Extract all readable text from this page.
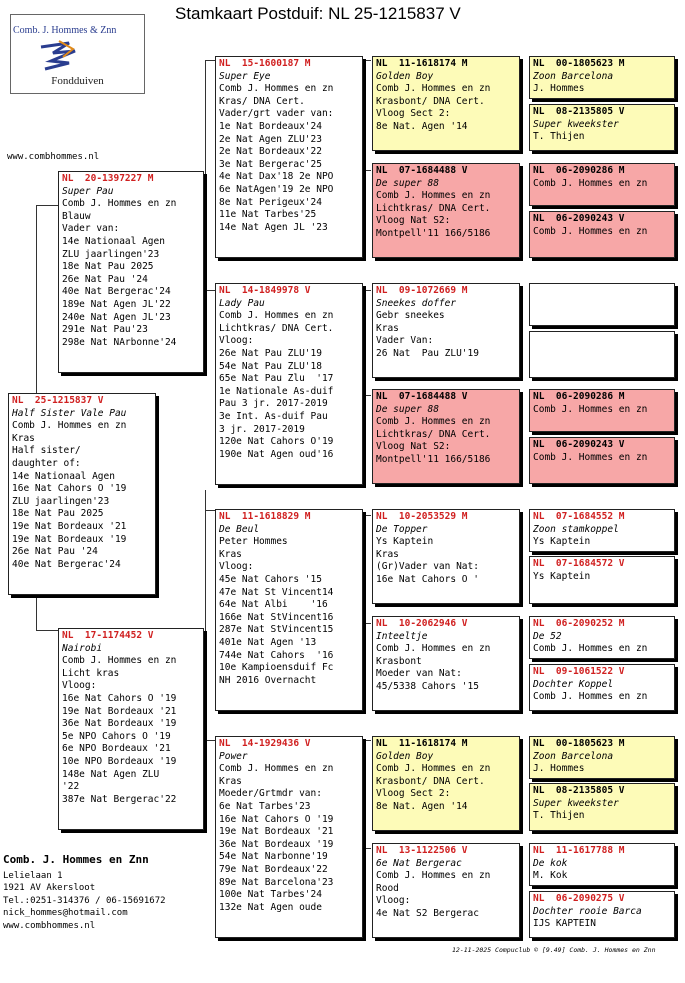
Stamkaart Postduif: NL 25-1215837 V
Comb. J. Hommes & Znn
Fondduiven
www.combhommes.nl
NL  25-1215837 V
Half Sister Vale Pau
Comb J. Hommes en zn
Kras
Half sister/
daughter of:
14e Nationaal Agen
16e Nat Cahors O '19
ZLU jaarlingen'23
18e Nat Pau 2025
19e Nat Bordeaux '21
19e Nat Bordeaux '19
26e Nat Pau '24
40e Nat Bergerac'24
NL  20-1397227 M
Super Pau
Comb J. Hommes en zn
Blauw
Vader van:
14e Nationaal Agen
ZLU jaarlingen'23
18e Nat Pau 2025
26e Nat Pau '24
40e Nat Bergerac'24
189e Nat Agen JL'22
240e Nat Agen JL'23
291e Nat Pau'23
298e Nat NArbonne'24
NL  17-1174452 V
Nairobi
Comb J. Hommes en zn
Licht kras
Vloog:
16e Nat Cahors O '19
19e Nat Bordeaux '21
36e Nat Bordeaux '19
5e NPO Cahors O '19
6e NPO Bordeaux '21
10e NPO Bordeaux '19
148e Nat Agen ZLU
'22
387e Nat Bergerac'22
NL  15-1600187 M
Super Eye
Comb J. Hommes en zn
Kras/ DNA Cert.
Vader/grt vader van:
1e Nat Bordeaux'24
2e Nat Agen ZLU'23
2e Nat Bordeaux'22
3e Nat Bergerac'25
4e Nat Dax'18 2e NPO
6e NatAgen'19 2e NPO
8e Nat Perigeux'24
11e Nat Tarbes'25
14e Nat Agen JL '23
NL  14-1849978 V
Lady Pau
Comb J. Hommes en zn
Lichtkras/ DNA Cert.
Vloog:
26e Nat Pau ZLU'19
54e Nat Pau ZLU'18
65e Nat Pau Zlu  '17
1e Nationale As-duif
Pau 3 jr. 2017-2019
3e Int. As-duif Pau
3 jr. 2017-2019
120e Nat Cahors O'19
190e Nat Agen oud'16
NL  11-1618829 M
De Beul
Peter Hommes
Kras
Vloog:
45e Nat Cahors '15
47e Nat St Vincent14
64e Nat Albi    '16
166e Nat StVincent16
287e Nat StVincent15
401e Nat Agen '13
744e Nat Cahors  '16
10e Kampioensduif Fc
NH 2016 Overnacht
NL  14-1929436 V
Power
Comb J. Hommes en zn
Kras
Moeder/Grtmdr van:
6e Nat Tarbes'23
16e Nat Cahors O '19
19e Nat Bordeaux '21
36e Nat Bordeaux '19
54e Nat Narbonne'19
79e Nat Bordeaux'22
89e Nat Barcelona'23
100e Nat Tarbes'24
132e Nat Agen oude
NL  11-1618174 M
Golden Boy
Comb J. Hommes en zn
Krasbont/ DNA Cert.
Vloog Sect 2:
8e Nat. Agen '14
NL  07-1684488 V
De super 88
Comb J. Hommes en zn
Lichtkras/ DNA Cert.
Vloog Nat S2:
Montpell'11 166/5186
NL  09-1072669 M
Sneekes doffer
Gebr sneekes
Kras
Vader Van:
26 Nat  Pau ZLU'19
NL  07-1684488 V
De super 88
Comb J. Hommes en zn
Lichtkras/ DNA Cert.
Vloog Nat S2:
Montpell'11 166/5186
NL  10-2053529 M
De Topper
Ys Kaptein
Kras
(Gr)Vader van Nat:
16e Nat Cahors O '
NL  10-2062946 V
Inteeltje
Comb J. Hommes en zn
Krasbont
Moeder van Nat:
45/5338 Cahors '15
NL  11-1618174 M
Golden Boy
Comb J. Hommes en zn
Krasbont/ DNA Cert.
Vloog Sect 2:
8e Nat. Agen '14
NL  13-1122506 V
6e Nat Bergerac
Comb J. Hommes en zn
Rood
Vloog:
4e Nat S2 Bergerac
NL  00-1805623 M
Zoon Barcelona
J. Hommes
NL  08-2135805 V
Super kweekster
T. Thijen
NL  06-2090286 M
Comb J. Hommes en zn
NL  06-2090243 V
Comb J. Hommes en zn
NL  06-2090286 M
Comb J. Hommes en zn
NL  06-2090243 V
Comb J. Hommes en zn
NL  07-1684552 M
Zoon stamkoppel
Ys Kaptein
NL  07-1684572 V
Ys Kaptein
NL  06-2090252 M
De 52
Comb J. Hommes en zn
NL  09-1061522 V
Dochter Koppel
Comb J. Hommes en zn
NL  00-1805623 M
Zoon Barcelona
J. Hommes
NL  08-2135805 V
Super kweekster
T. Thijen
NL  11-1617788 M
De kok
M. Kok
NL  06-2090275 V
Dochter rooie Barca
IJS KAPTEIN
Comb. J. Hommes en Znn
Lelielaan 1
1921 AV Akersloot
Tel.:0251-314376 / 06-15691672
nick_hommes@hotmail.com
www.combhommes.nl
12-11-2025 Compuclub © [9.49] Comb. J. Hommes en Znn
